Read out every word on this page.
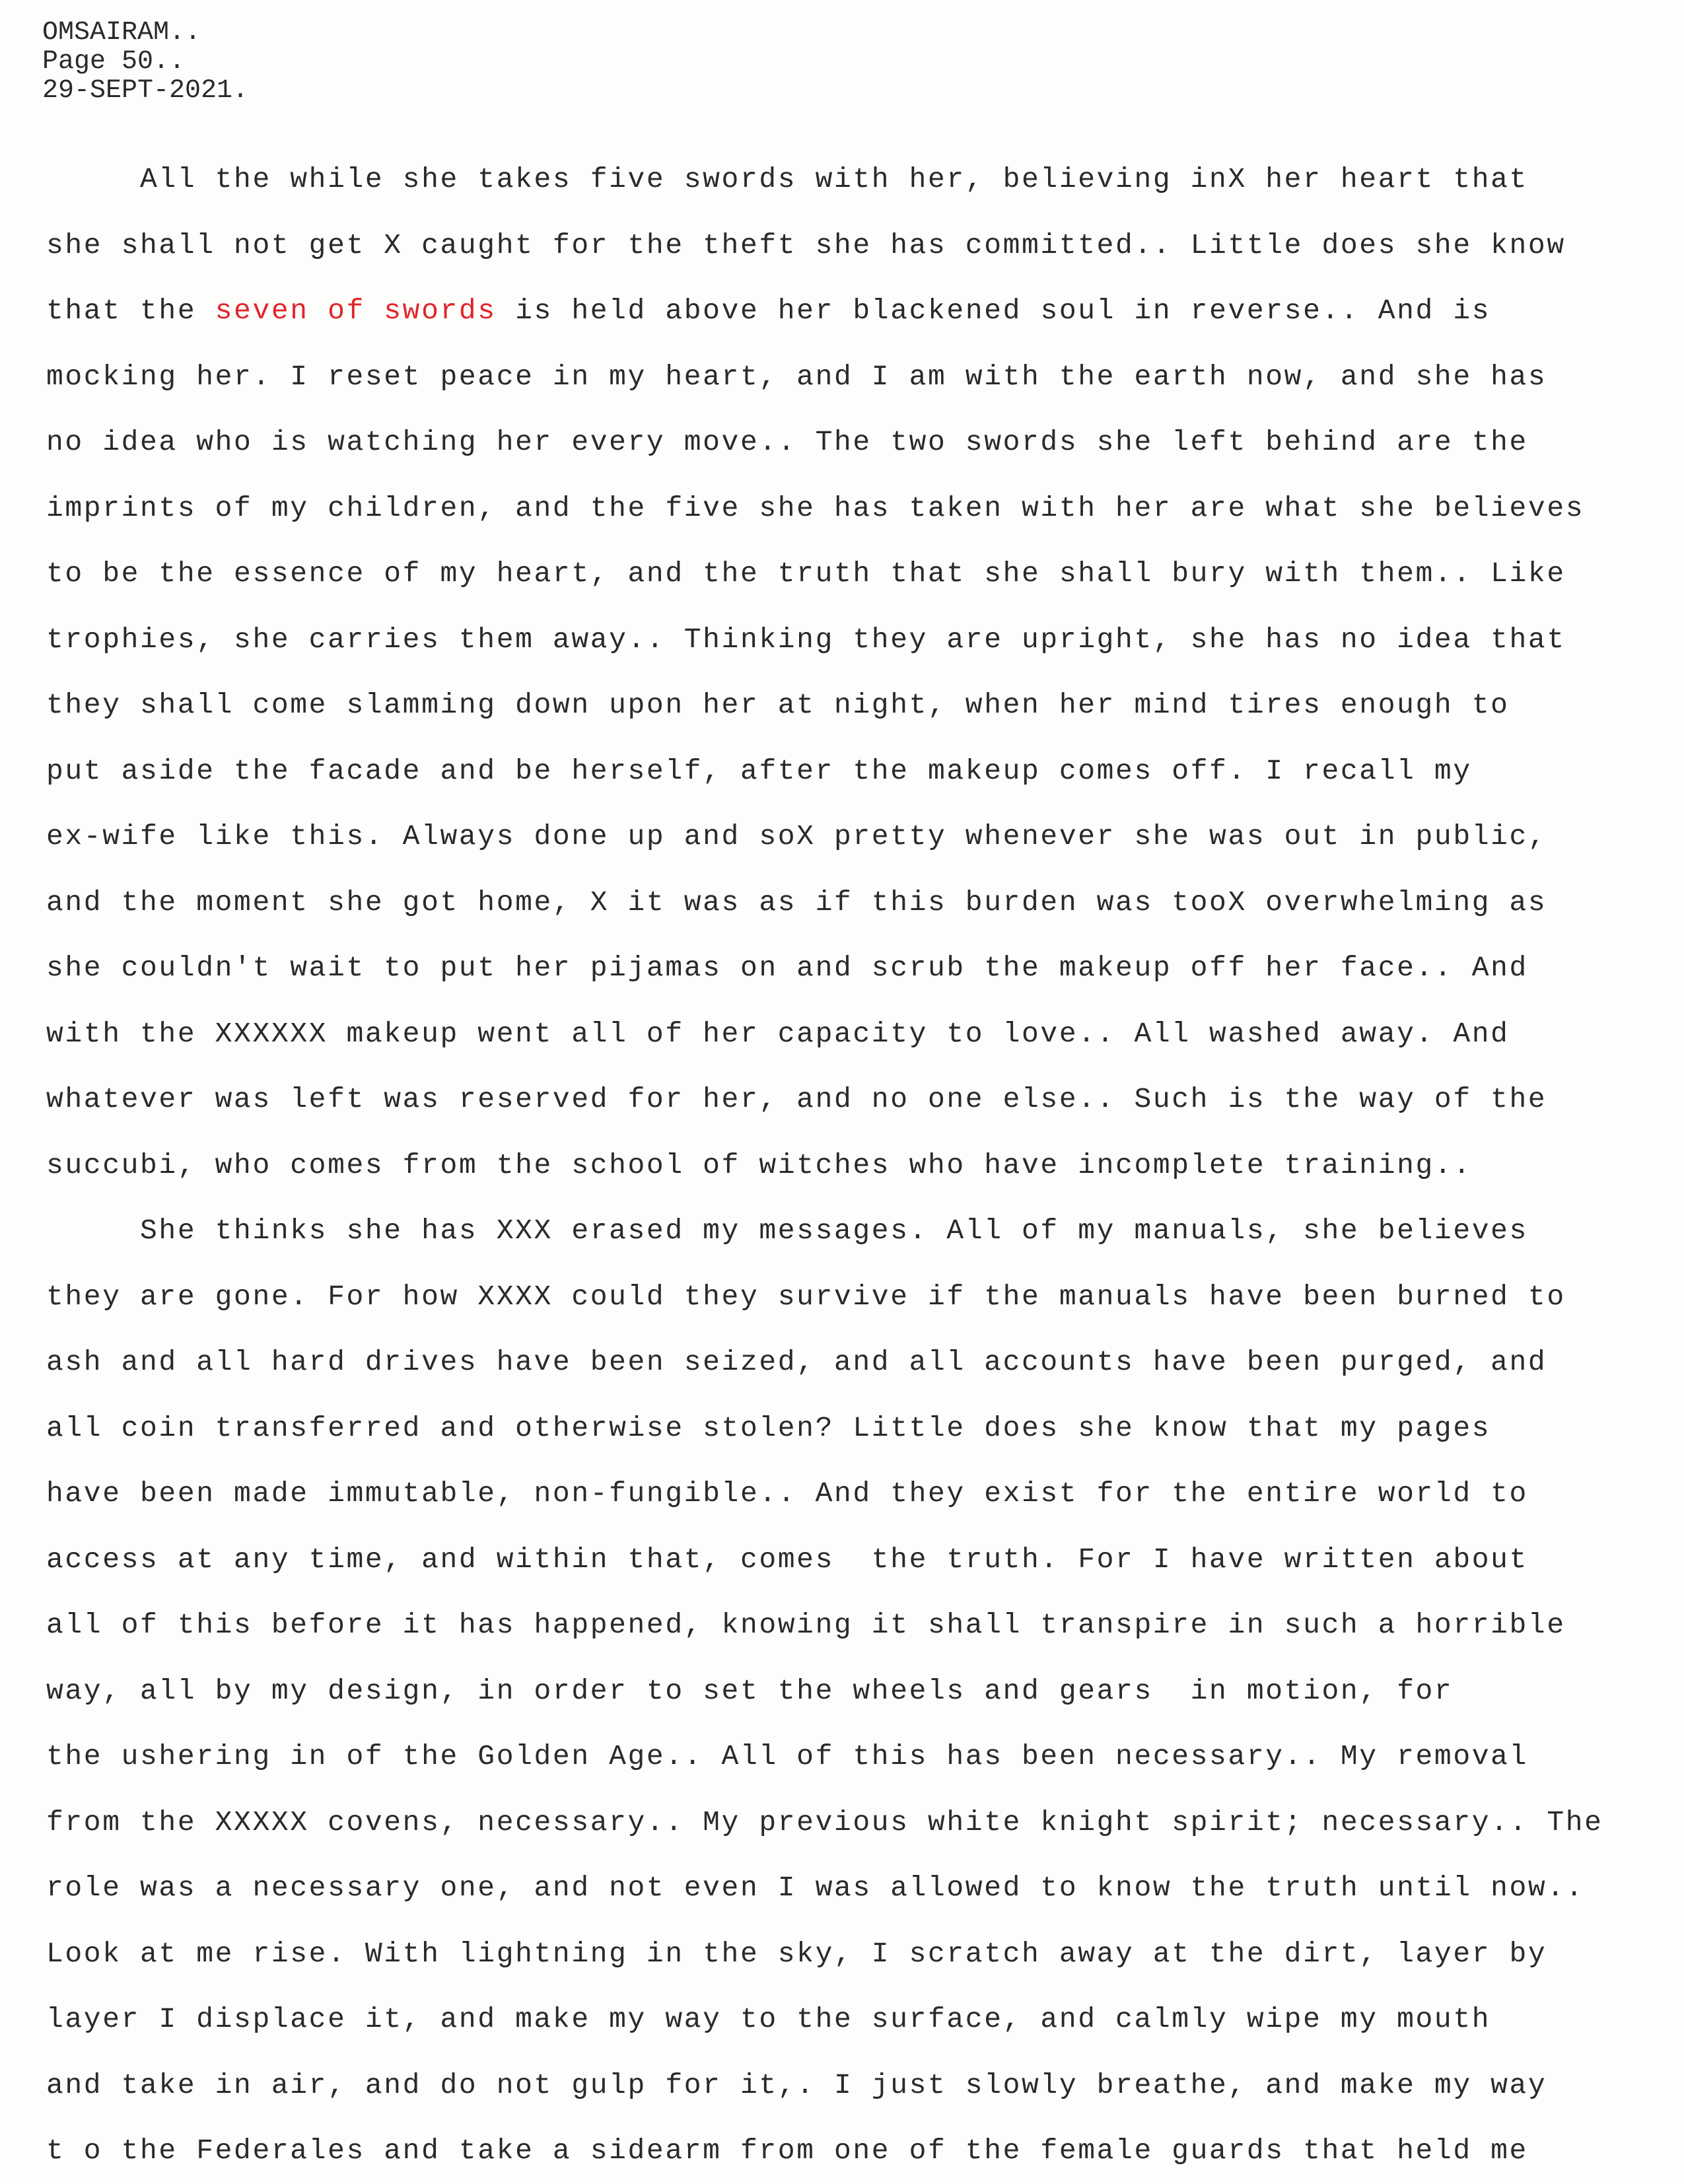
OMSAIRAM..
Page 50..
29-SEPT-2021.
All the while she takes five swords with her, believing inX her heart that
she shall not get X caught for the theft she has committed.. Little does she know
that the seven of swords is held above her blackened soul in reverse.. And is
mocking her. I reset peace in my heart, and I am with the earth now, and she has
no idea who is watching her every move.. The two swords she left behind are the
imprints of my children, and the five she has taken with her are what she believes
to be the essence of my heart, and the truth that she shall bury with them.. Like
trophies, she carries them away.. Thinking they are upright, she has no idea that
they shall come slamming down upon her at night, when her mind tires enough to
put aside the facade and be herself, after the makeup comes off. I recall my
ex-wife like this. Always done up and soX pretty whenever she was out in public,
and the moment she got home, X it was as if this burden was tooX overwhelming as
she couldn't wait to put her pijamas on and scrub the makeup off her face.. And
with the XXXXXX makeup went all of her capacity to love.. All washed away. And
whatever was left was reserved for her, and no one else.. Such is the way of the
succubi, who comes from the school of witches who have incomplete training..
She thinks she has XXX erased my messages. All of my manuals, she believes
they are gone. For how XXXX could they survive if the manuals have been burned to
ash and all hard drives have been seized, and all accounts have been purged, and
all coin transferred and otherwise stolen? Little does she know that my pages
have been made immutable, non-fungible.. And they exist for the entire world to
access at any time, and within that, comes  the truth. For I have written about
all of this before it has happened, knowing it shall transpire in such a horrible
way, all by my design, in order to set the wheels and gears  in motion, for
the ushering in of the Golden Age.. All of this has been necessary.. My removal
from the XXXXX covens, necessary.. My previous white knight spirit; necessary.. The
role was a necessary one, and not even I was allowed to know the truth until now..
Look at me rise. With lightning in the sky, I scratch away at the dirt, layer by
layer I displace it, and make my way to the surface, and calmly wipe my mouth
and take in air, and do not gulp for it,. I just slowly breathe, and make my way
t o the Federales and take a sidearm from one of the female guards that held me
